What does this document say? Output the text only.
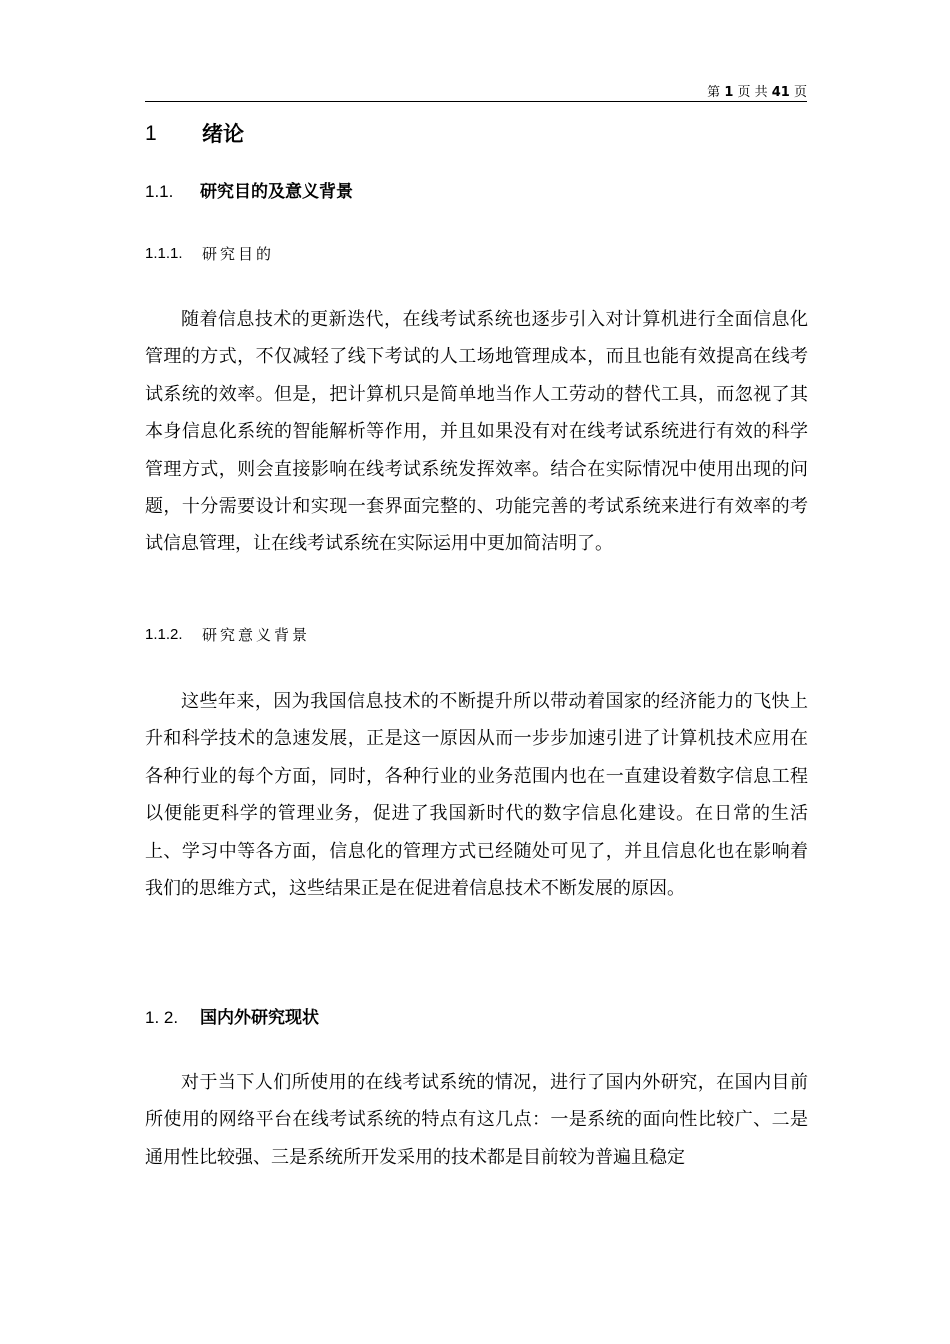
第 1 页 共 41 页
1 绪论
1.1. 研究目的及意义背景
1.1.1. 研究目的

随着信息技术的更新迭代，在线考试系统也逐步引入对计算机进行全面信息化管理的方式，不仅减轻了线下考试的人工场地管理成本，而且也能有效提高在线考试系统的效率。但是，把计算机只是简单地当作人工劳动的替代工具，而忽视了其本身信息化系统的智能解析等作用，并且如果没有对在线考试系统进行有效的科学管理方式，则会直接影响在线考试系统发挥效率。结合在实际情况中使用出现的问题，十分需要设计和实现一套界面完整的、功能完善的考试系统来进行有效率的考试信息管理，让在线考试系统在实际运用中更加简洁明了。

1.1.2. 研究意义背景

这些年来，因为我国信息技术的不断提升所以带动着国家的经济能力的飞快上升和科学技术的急速发展，正是这一原因从而一步步加速引进了计算机技术应用在各种行业的每个方面，同时，各种行业的业务范围内也在一直建设着数字信息工程以便能更科学的管理业务，促进了我国新时代的数字信息化建设。在日常的生活上、学习中等各方面，信息化的管理方式已经随处可见了，并且信息化也在影响着我们的思维方式，这些结果正是在促进着信息技术不断发展的原因。

1. 2. 国内外研究现状

对于当下人们所使用的在线考试系统的情况，进行了国内外研究，在国内目前所使用的网络平台在线考试系统的特点有这几点：一是系统的面向性比较广、二是通用性比较强、三是系统所开发采用的技术都是目前较为普遍且稳定
